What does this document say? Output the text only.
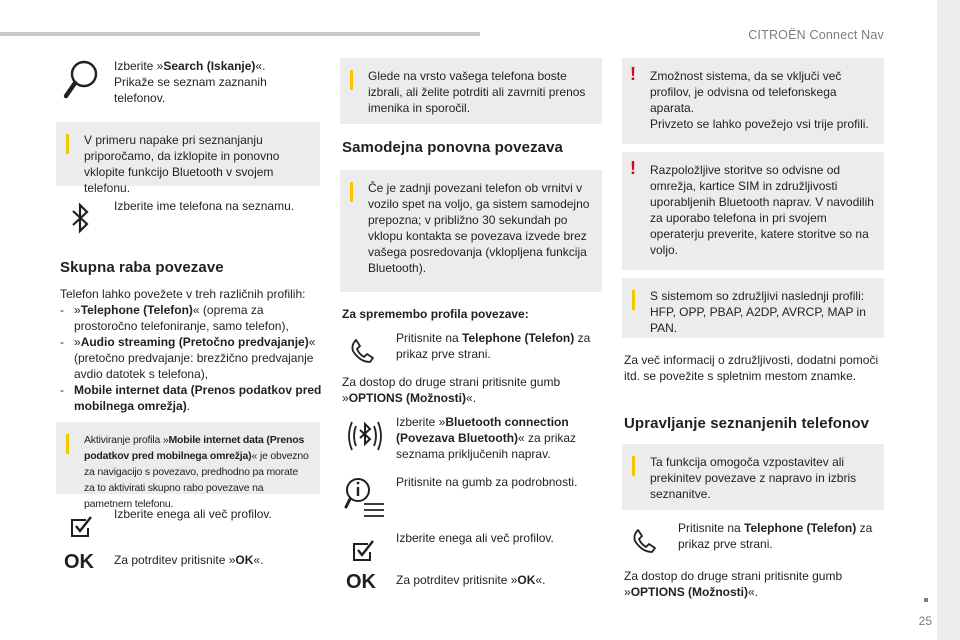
CITROËN Connect Nav
25
Izberite »Search (Iskanje)«.
Prikaže se seznam zaznanih
telefonov.
V primeru napake pri seznanjanju priporočamo, da izklopite in ponovno vklopite funkcijo Bluetooth v svojem telefonu.
Izberite ime telefona na seznamu.
Skupna raba povezave

Telefon lahko povežete v treh različnih profilih:

- »Telephone (Telefon)« (oprema za prostoročno telefoniranje, samo telefon),
- »Audio streaming (Pretočno predvajanje)« (pretočno predvajanje: brezžično predvajanje avdio datotek s telefona),
- Mobile internet data (Prenos podatkov pred mobilnega omrežja).
Aktiviranje profila »Mobile internet data (Prenos podatkov pred mobilnega omrežja)« je obvezno za navigacijo s povezavo, predhodno pa morate za to aktivirati skupno rabo povezave na pametnem telefonu.
Izberite enega ali več profilov.
OK	Za potrditev pritisnite »OK«.
Glede na vrsto vašega telefona boste izbrali, ali želite potrditi ali zavrniti prenos imenika in sporočil.
Samodejna ponovna povezava
Če je zadnji povezani telefon ob vrnitvi v vozilo spet na voljo, ga sistem samodejno prepozna; v približno 30 sekundah po vklopu kontakta se povezava izvede brez vašega posredovanja (vklopljena funkcija Bluetooth).

Za spremembo profila povezave:

Pritisnite na Telephone (Telefon) za prikaz prve strani.

Za dostop do druge strani pritisnite gumb »OPTIONS (Možnosti)«.

Izberite »Bluetooth connection (Povezava Bluetooth)« za prikaz seznama priključenih naprav.
Pritisnite na gumb za podrobnosti.
Izberite enega ali več profilov.
OK	Za potrditev pritisnite »OK«.
! Zmožnost sistema, da se vključi več profilov, je odvisna od telefonskega aparata.
Privzeto se lahko povežejo vsi trije profili.
! Razpoložljive storitve so odvisne od omrežja, kartice SIM in združljivosti uporabljenih Bluetooth naprav. V navodilih za uporabo telefona in pri svojem operaterju preverite, katere storitve so na voljo.
S sistemom so združljivi naslednji profili: HFP, OPP, PBAP, A2DP, AVRCP, MAP in PAN.

Za več informacij o združljivosti, dodatni pomoči itd. se povežite s spletnim mestom znamke.

Upravljanje seznanjenih telefonov
Ta funkcija omogoča vzpostavitev ali prekinitev povezave z napravo in izbris seznanitve.
Pritisnite na Telephone (Telefon) za prikaz prve strani.

Za dostop do druge strani pritisnite gumb »OPTIONS (Možnosti)«.
